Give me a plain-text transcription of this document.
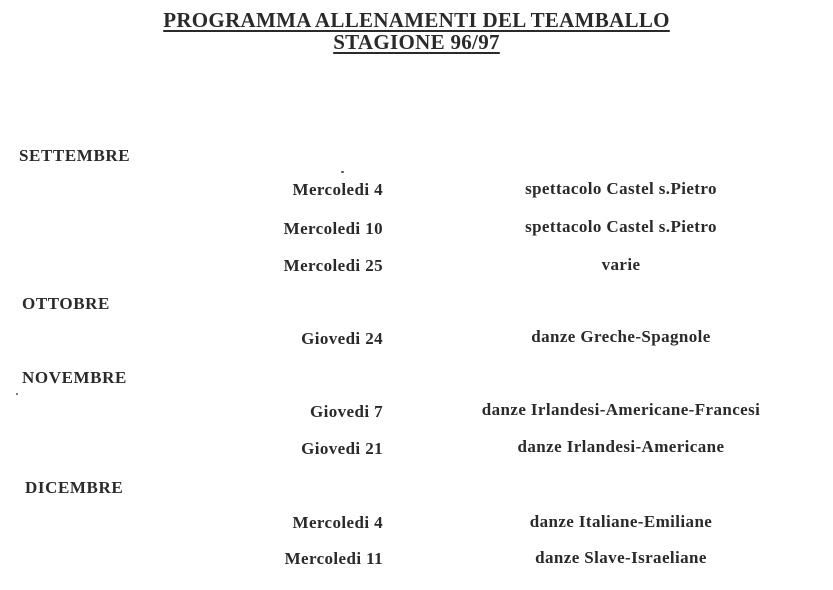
PROGRAMMA ALLENAMENTI DEL TEAMBALLO
STAGIONE 96/97
SETTEMBRE
Mercoledi 4	spettacolo Castel s.Pietro
Mercoledi 10	spettacolo Castel s.Pietro
Mercoledi 25	varie
OTTOBRE
Giovedi 24	danze Greche-Spagnole
NOVEMBRE
Giovedi 7	danze Irlandesi-Americane-Francesi
Giovedi 21	danze Irlandesi-Americane
DICEMBRE
Mercoledi 4	danze Italiane-Emiliane
Mercoledi 11	danze Slave-Israeliane
